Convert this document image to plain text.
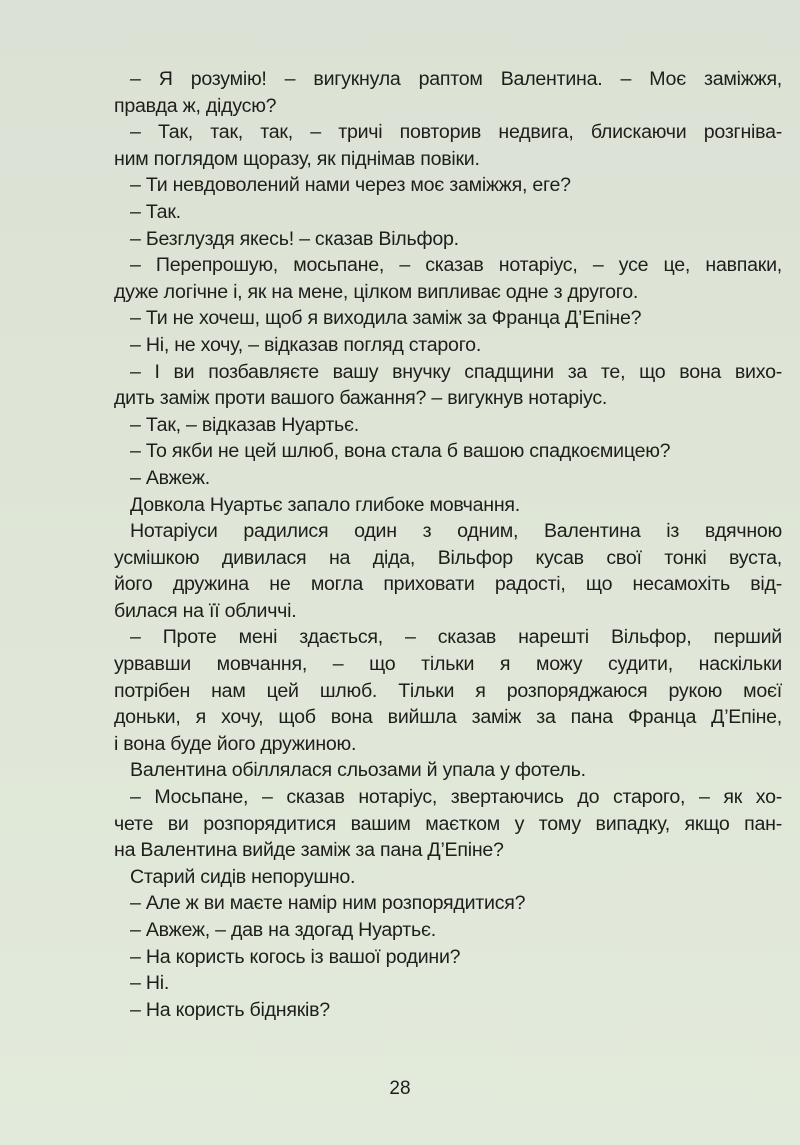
– Я розумію! – вигукнула раптом Валентина. – Моє заміжжя,
правда ж, дідусю?
– Так, так, так, – тричі повторив недвига, блискаючи розгніва-
ним поглядом щоразу, як піднімав повіки.
– Ти невдоволений нами через моє заміжжя, еге?
– Так.
– Безглуздя якесь! – сказав Вільфор.
– Перепрошую, мосьпане, – сказав нотаріус, – усе це, навпаки,
дуже логічне і, як на мене, цілком випливає одне з другого.
– Ти не хочеш, щоб я виходила заміж за Франца Д’Епіне?
– Ні, не хочу, – відказав погляд старого.
– І ви позбавляєте вашу внучку спадщини за те, що вона вихо-
дить заміж проти вашого бажання? – вигукнув нотаріус.
– Так, – відказав Нуартьє.
– То якби не цей шлюб, вона стала б вашою спадкоємицею?
– Авжеж.
Довкола Нуартьє запало глибоке мовчання.
Нотаріуси радилися один з одним, Валентина із вдячною
усмішкою дивилася на діда, Вільфор кусав свої тонкі вуста,
його дружина не могла приховати радості, що несамохіть від-
билася на її обличчі.
– Проте мені здається, – сказав нарешті Вільфор, перший
урвавши мовчання, – що тільки я можу судити, наскільки
потрібен нам цей шлюб. Тільки я розпоряджаюся рукою моєї
доньки, я хочу, щоб вона вийшла заміж за пана Франца Д’Епіне,
і вона буде його дружиною.
Валентина обіллялася сльозами й упала у фотель.
– Мосьпане, – сказав нотаріус, звертаючись до старого, – як хо-
чете ви розпорядитися вашим маєтком у тому випадку, якщо пан-
на Валентина вийде заміж за пана Д’Епіне?
Старий сидів непорушно.
– Але ж ви маєте намір ним розпорядитися?
– Авжеж, – дав на здогад Нуартьє.
– На користь когось із вашої родини?
– Ні.
– На користь бідняків?
28
